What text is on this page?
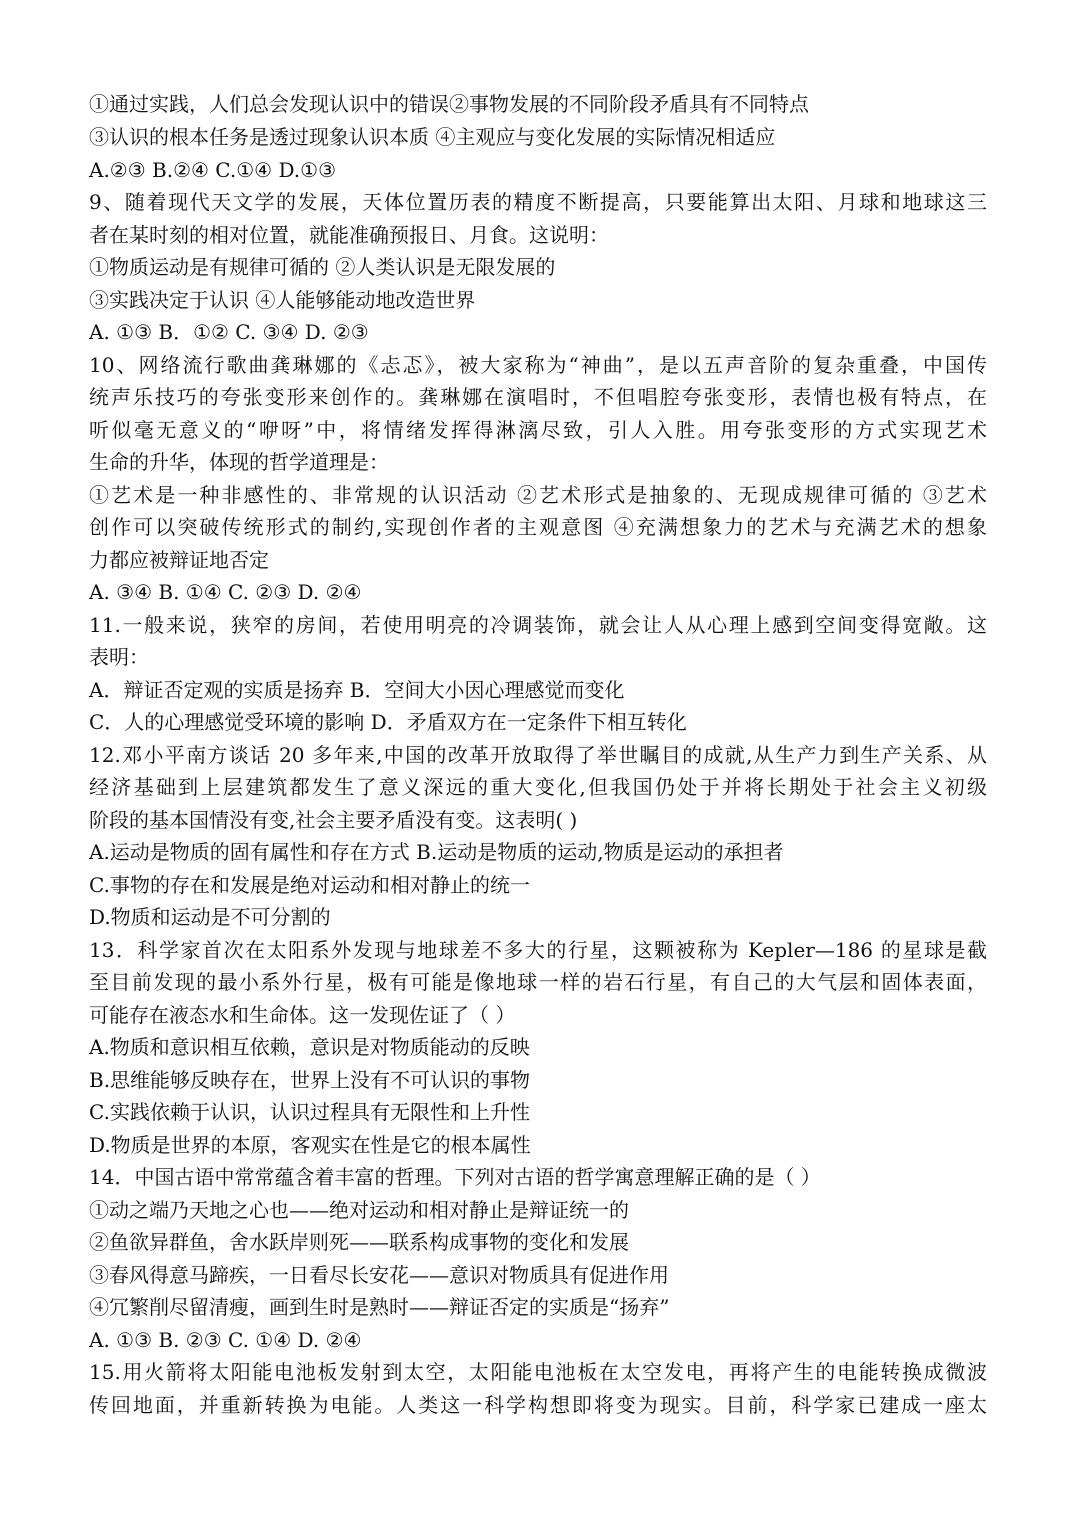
①通过实践，人们总会发现认识中的错误②事物发展的不同阶段矛盾具有不同特点
③认识的根本任务是透过现象认识本质 ④主观应与变化发展的实际情况相适应
A.②③ B.②④ C.①④ D.①③
9、随着现代天文学的发展，天体位置历表的精度不断提高，只要能算出太阳、月球和地球这三
者在某时刻的相对位置，就能准确预报日、月食。这说明：
①物质运动是有规律可循的 ②人类认识是无限发展的
③实践决定于认识 ④人能够能动地改造世界
A. ①③ B．①② C. ③④ D. ②③
10、网络流行歌曲龚琳娜的《忐忑》，被大家称为“神曲”，是以五声音阶的复杂重叠，中国传
统声乐技巧的夸张变形来创作的。龚琳娜在演唱时，不但唱腔夸张变形，表情也极有特点，在
听似毫无意义的“咿呀”中，将情绪发挥得淋漓尽致，引人入胜。用夸张变形的方式实现艺术
生命的升华，体现的哲学道理是：
①艺术是一种非感性的、非常规的认识活动 ②艺术形式是抽象的、无现成规律可循的 ③艺术
创作可以突破传统形式的制约,实现创作者的主观意图 ④充满想象力的艺术与充满艺术的想象
力都应被辩证地否定
A. ③④ B. ①④ C. ②③ D. ②④
11.一般来说，狭窄的房间，若使用明亮的冷调装饰，就会让人从心理上感到空间变得宽敞。这
表明：
A．辩证否定观的实质是扬弃 B．空间大小因心理感觉而变化
C．人的心理感觉受环境的影响 D．矛盾双方在一定条件下相互转化
12.邓小平南方谈话 20 多年来,中国的改革开放取得了举世瞩目的成就,从生产力到生产关系、从
经济基础到上层建筑都发生了意义深远的重大变化,但我国仍处于并将长期处于社会主义初级
阶段的基本国情没有变,社会主要矛盾没有变。这表明( )
A.运动是物质的固有属性和存在方式 B.运动是物质的运动,物质是运动的承担者
C.事物的存在和发展是绝对运动和相对静止的统一
D.物质和运动是不可分割的
13．科学家首次在太阳系外发现与地球差不多大的行星，这颗被称为 Kepler—186 的星球是截
至目前发现的最小系外行星，极有可能是像地球一样的岩石行星，有自己的大气层和固体表面，
可能存在液态水和生命体。这一发现佐证了（ ）
A.物质和意识相互依赖，意识是对物质能动的反映
B.思维能够反映存在，世界上没有不可认识的事物
C.实践依赖于认识，认识过程具有无限性和上升性
D.物质是世界的本原，客观实在性是它的根本属性
14．中国古语中常常蕴含着丰富的哲理。下列对古语的哲学寓意理解正确的是（ ）
①动之端乃天地之心也——绝对运动和相对静止是辩证统一的
②鱼欲异群鱼，舍水跃岸则死——联系构成事物的变化和发展
③春风得意马蹄疾，一日看尽长安花——意识对物质具有促进作用
④冗繁削尽留清瘦，画到生时是熟时——辩证否定的实质是“扬弃”
A. ①③ B. ②③ C. ①④ D. ②④
15.用火箭将太阳能电池板发射到太空，太阳能电池板在太空发电，再将产生的电能转换成微波
传回地面，并重新转换为电能。人类这一科学构想即将变为现实。目前，科学家已建成一座太
